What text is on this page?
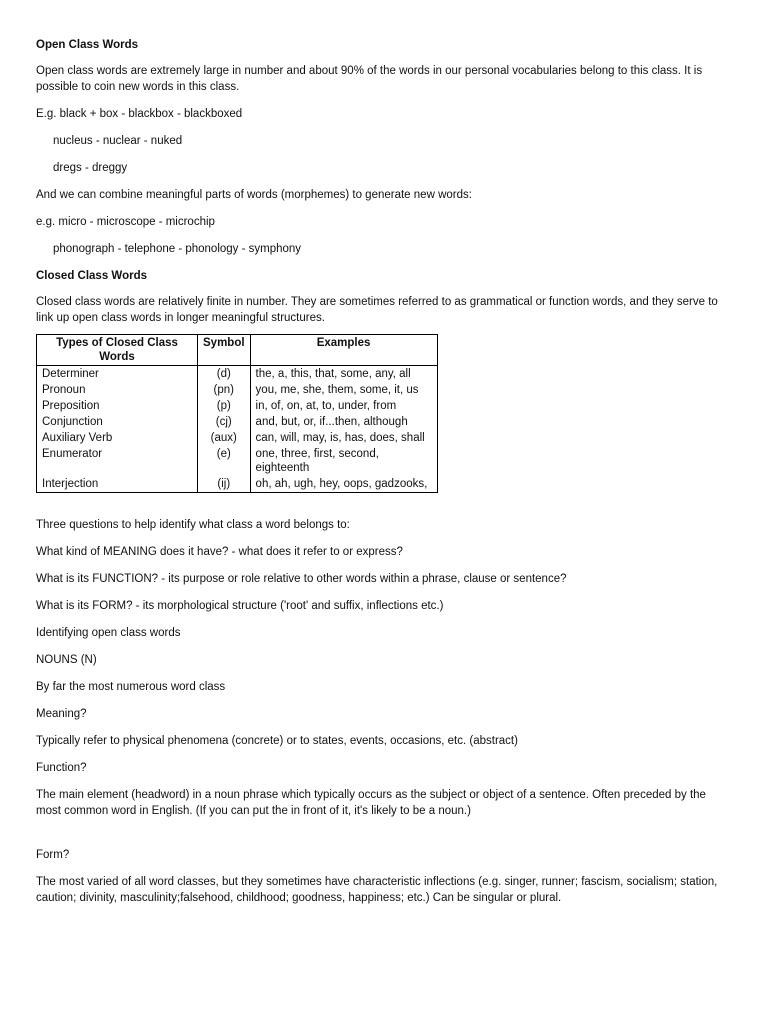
Open Class Words

Open class words are extremely large in number and about 90% of the words in our personal vocabularies belong to this class. It is possible to coin new words in this class.

E.g. black + box - blackbox - blackboxed

nucleus - nuclear - nuked

dregs - dreggy

And we can combine meaningful parts of words (morphemes) to generate new words:

e.g. micro - microscope - microchip

phonograph - telephone - phonology - symphony

Closed Class Words

Closed class words are relatively finite in number. They are sometimes referred to as grammatical or function words, and they serve to link up open class words in longer meaningful structures.

Types of Closed Class Words	Symbol	Examples
Determiner	(d)	the, a, this, that, some, any, all
Pronoun	(pn)	you, me, she, them, some, it, us
Preposition	(p)	in, of, on, at, to, under, from
Conjunction	(cj)	and, but, or, if...then, although
Auxiliary Verb	(aux)	can, will, may, is, has, does, shall
Enumerator	(e)	one, three, first, second, eighteenth
Interjection	(ij)	oh, ah, ugh, hey, oops, gadzooks,

Three questions to help identify what class a word belongs to:

What kind of MEANING does it have? - what does it refer to or express?

What is its FUNCTION? - its purpose or role relative to other words within a phrase, clause or sentence?

What is its FORM? - its morphological structure ('root' and suffix, inflections etc.)

Identifying open class words

NOUNS (N)

By far the most numerous word class

Meaning?

Typically refer to physical phenomena (concrete) or to states, events, occasions, etc. (abstract)

Function?

The main element (headword) in a noun phrase which typically occurs as the subject or object of a sentence. Often preceded by the most common word in English. (If you can put the in front of it, it's likely to be a noun.)

Form?

The most varied of all word classes, but they sometimes have characteristic inflections (e.g. singer, runner; fascism, socialism; station, caution; divinity, masculinity;falsehood, childhood; goodness, happiness; etc.) Can be singular or plural.
